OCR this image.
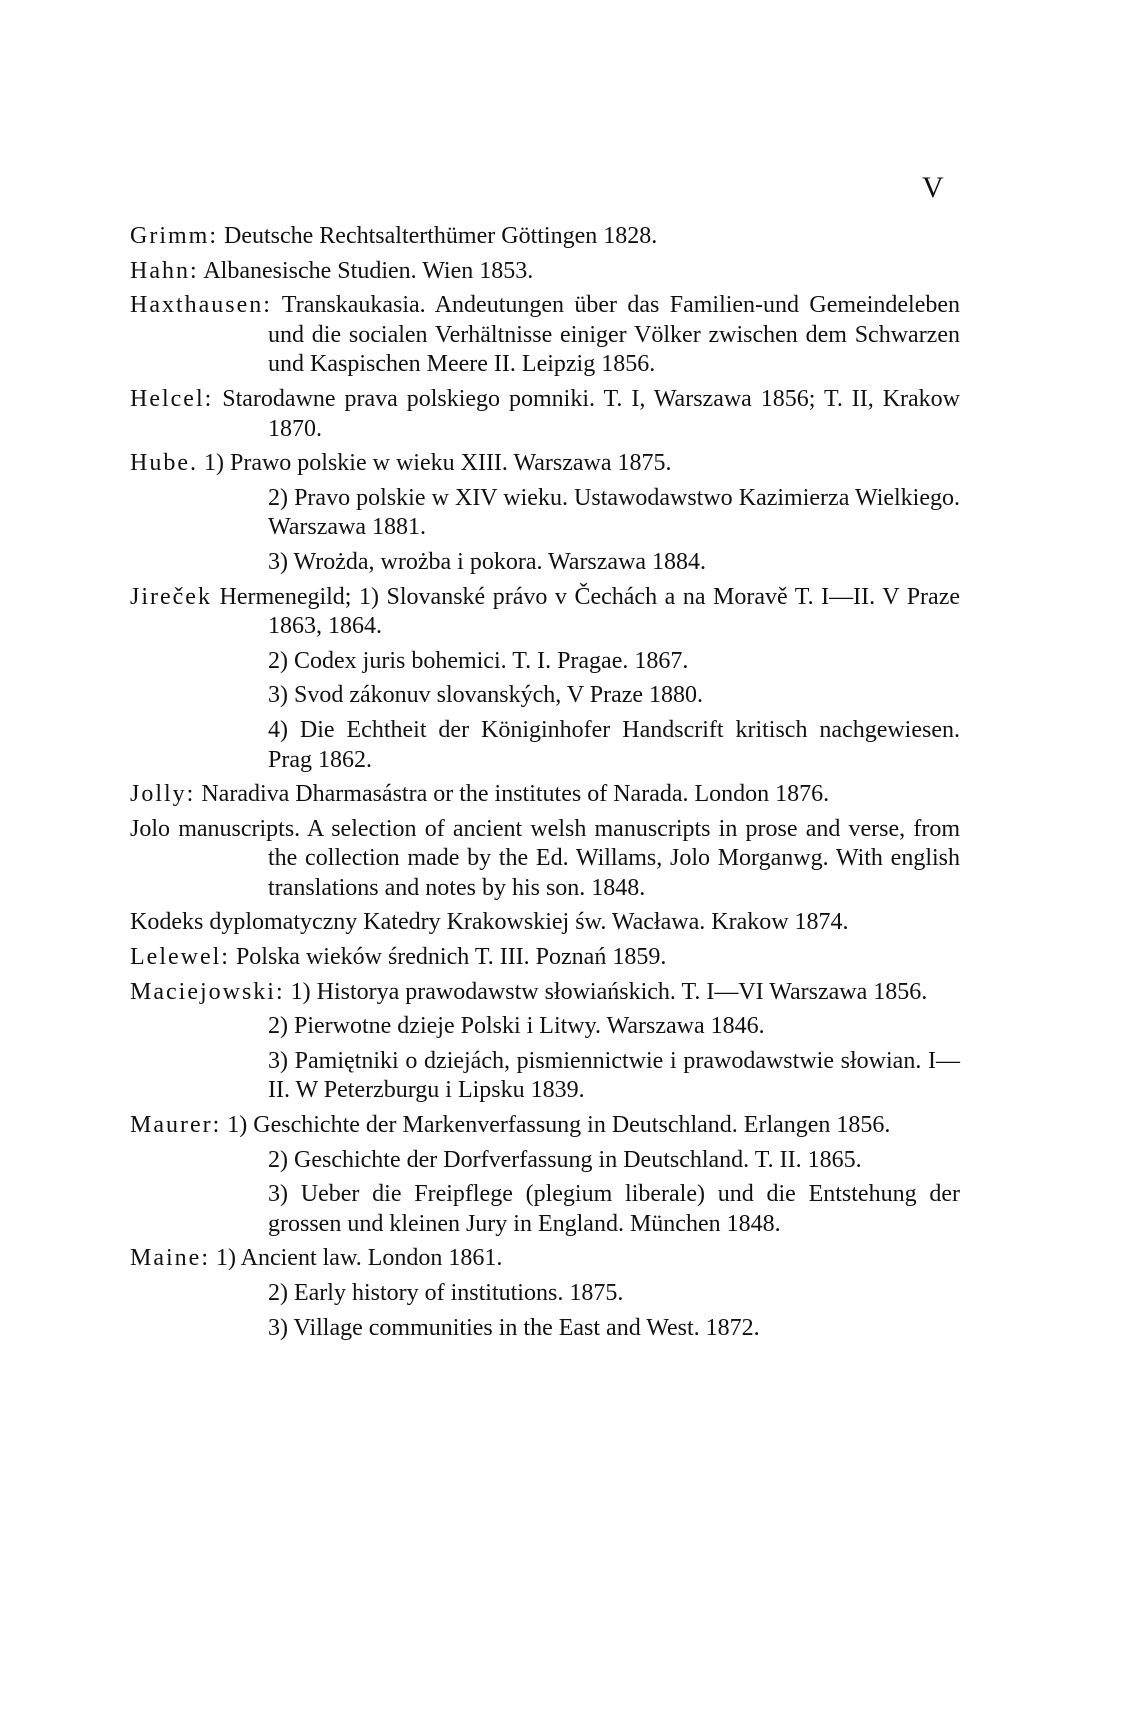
V
Grimm: Deutsche Rechtsalterthümer Göttingen 1828.
Hahn: Albanesische Studien. Wien 1853.
Haxthausen: Transkaukasia. Andeutungen über das Familien-und Gemeindeleben und die socialen Verhältnisse einiger Völker zwischen dem Schwarzen und Kaspischen Meere II. Leipzig 1856.
Helcel: Starodawne prava polskiego pomniki. T. I, Warszawa 1856; T. II, Krakow 1870.
Hube. 1) Prawo polskie w wieku XIII. Warszawa 1875.
2) Pravo polskie w XIV wieku. Ustawodawstwo Kazimierza Wielkiego. Warszawa 1881.
3) Wrożda, wrożba i pokora. Warszawa 1884.
Jireček Hermenegild; 1) Slovanské právo v Čechách a na Moravě T. I—II. V Praze 1863, 1864.
2) Codex juris bohemici. T. I. Pragae. 1867.
3) Svod zákonuv slovanských, V Praze 1880.
4) Die Echtheit der Königinhofer Handscrift kritisch nachgewiesen. Prag 1862.
Jolly: Naradiva Dharmasástra or the institutes of Narada. London 1876.
Jolo manuscripts. A selection of ancient welsh manuscripts in prose and verse, from the collection made by the Ed. Willams, Jolo Morganwg. With english translations and notes by his son. 1848.
Kodeks dyplomatyczny Katedry Krakowskiej św. Wacława. Krakow 1874.
Lelewel: Polska wieków średnich T. III. Poznań 1859.
Maciejowski: 1) Historya prawodawstw słowiańskich. T. I—VI Warszawa 1856.
2) Pierwotne dzieje Polski i Litwy. Warszawa 1846.
3) Pamiętniki o dziejách, pismiennictwie i prawodawstwie słowian. I—II. W Peterzburgu i Lipsku 1839.
Maurer: 1) Geschichte der Markenverfassung in Deutschland. Erlangen 1856.
2) Geschichte der Dorfverfassung in Deutschland. T. II. 1865.
3) Ueber die Freipflege (plegium liberale) und die Entstehung der grossen und kleinen Jury in England. München 1848.
Maine: 1) Ancient law. London 1861.
2) Early history of institutions. 1875.
3) Village communities in the East and West. 1872.
